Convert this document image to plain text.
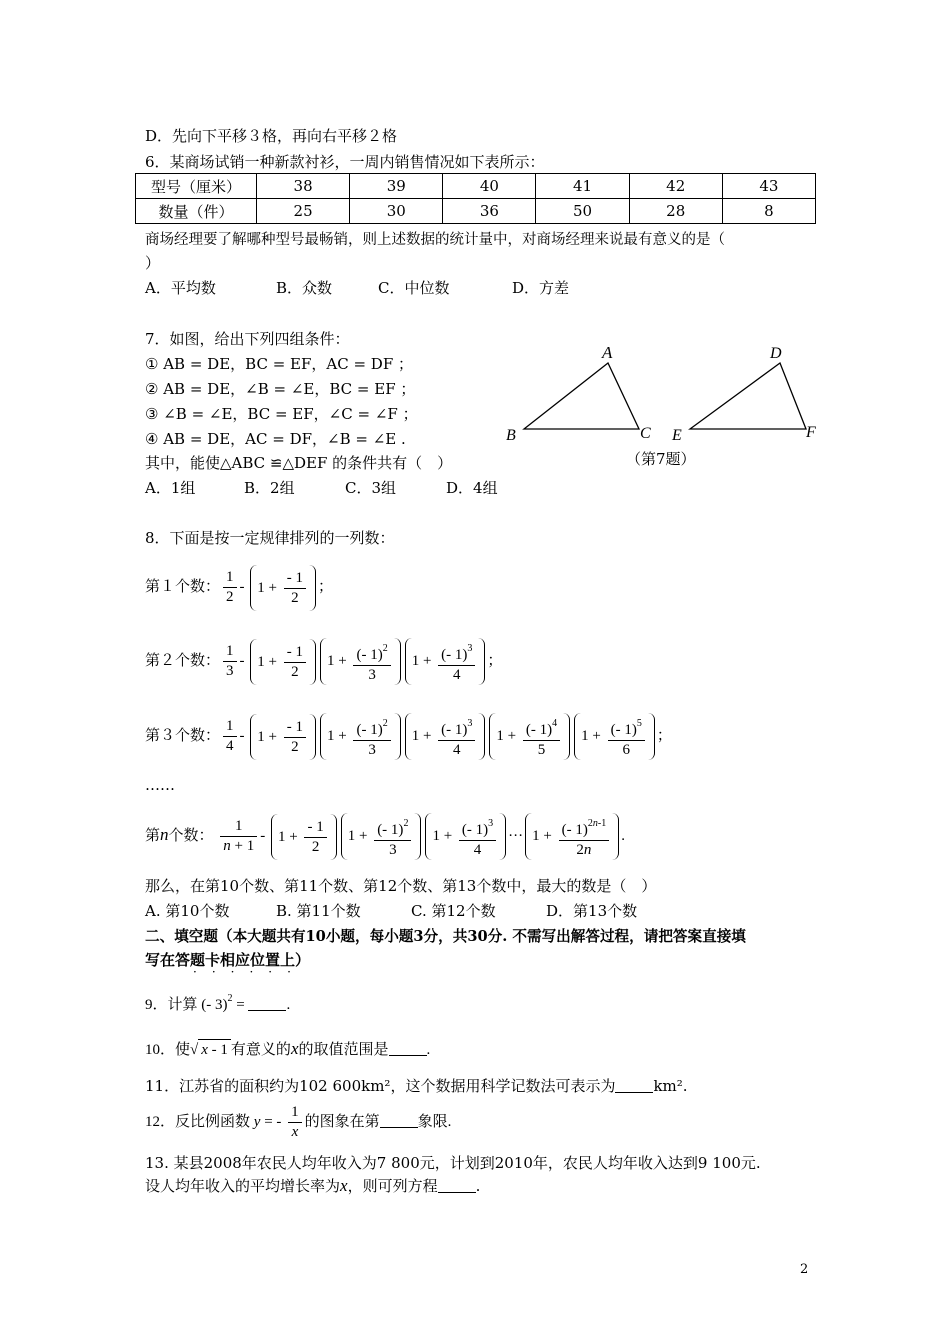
D．先向下平移３格，再向右平移２格
6．某商场试销一种新款衬衫，一周内销售情况如下表所示：
型号（厘米）	38	39	40	41	42	43
数量（件）	25	30	36	50	28	8
商场经理要了解哪种型号最畅销，则上述数据的统计量中，对商场经理来说最有意义的是（
）
A．平均数	B．众数	C．中位数	D．方差
7．如图，给出下列四组条件：
① AB = DE，BC = EF，AC = DF ；
② AB = DE，∠B = ∠E，BC = EF ；
③ ∠B = ∠E，BC = EF，∠C = ∠F ；
④ AB = DE，AC = DF，∠B = ∠E .
其中，能使△ABC ≌△DEF 的条件共有（　）
A．1组	B．2组	C．3组	D．4组
A
B	C
D
E	F
（第7题）
8．下面是按一定规律排列的一列数：
第１个数： $\frac{1}{2} - 1 + \frac{- 1}{2}$ ；
第２个数： $\frac{1}{3} - 1 + \frac{- 1}{2} 1 + \frac{(- 1)^2}{3} 1 + \frac{(- 1)^3}{4}$ ；
第３个数： $\frac{1}{4} - 1 + \frac{- 1}{2} 1 + \frac{(- 1)^2}{3} 1 + \frac{(- 1)^3}{4} 1 + \frac{(- 1)^4}{5} 1 + \frac{(- 1)^5}{6}$ ；
……
第n个数： $\frac{1}{n + 1} - 1 + \frac{- 1}{2} 1 + \frac{(- 1)^2}{3} 1 + \frac{(- 1)^3}{4}$ ··· $1 + \frac{(- 1)^{2n-1}}{2n}$ .
那么，在第10个数、第11个数、第12个数、第13个数中，最大的数是（　）
A. 第10个数	B. 第11个数	C. 第12个数	D．第13个数
二、填空题（本大题共有10小题，每小题3分，共30分. 不需写出解答过程，请把答案直接填
写在答题卡相应位置上）
······
9．计算 (- 3)$^2$ =	.
10．使√ x - 1 有意义的x的取值范围是	.
11．江苏省的面积约为102 600km²，这个数据用科学记数法可表示为	km².
12．反比例函数 y = - $\frac{1}{x}$ 的图象在第	象限.
13. 某县2008年农民人均年收入为7 800元，计划到2010年，农民人均年收入达到9 100元.
设人均年收入的平均增长率为x，则可列方程	.
2
